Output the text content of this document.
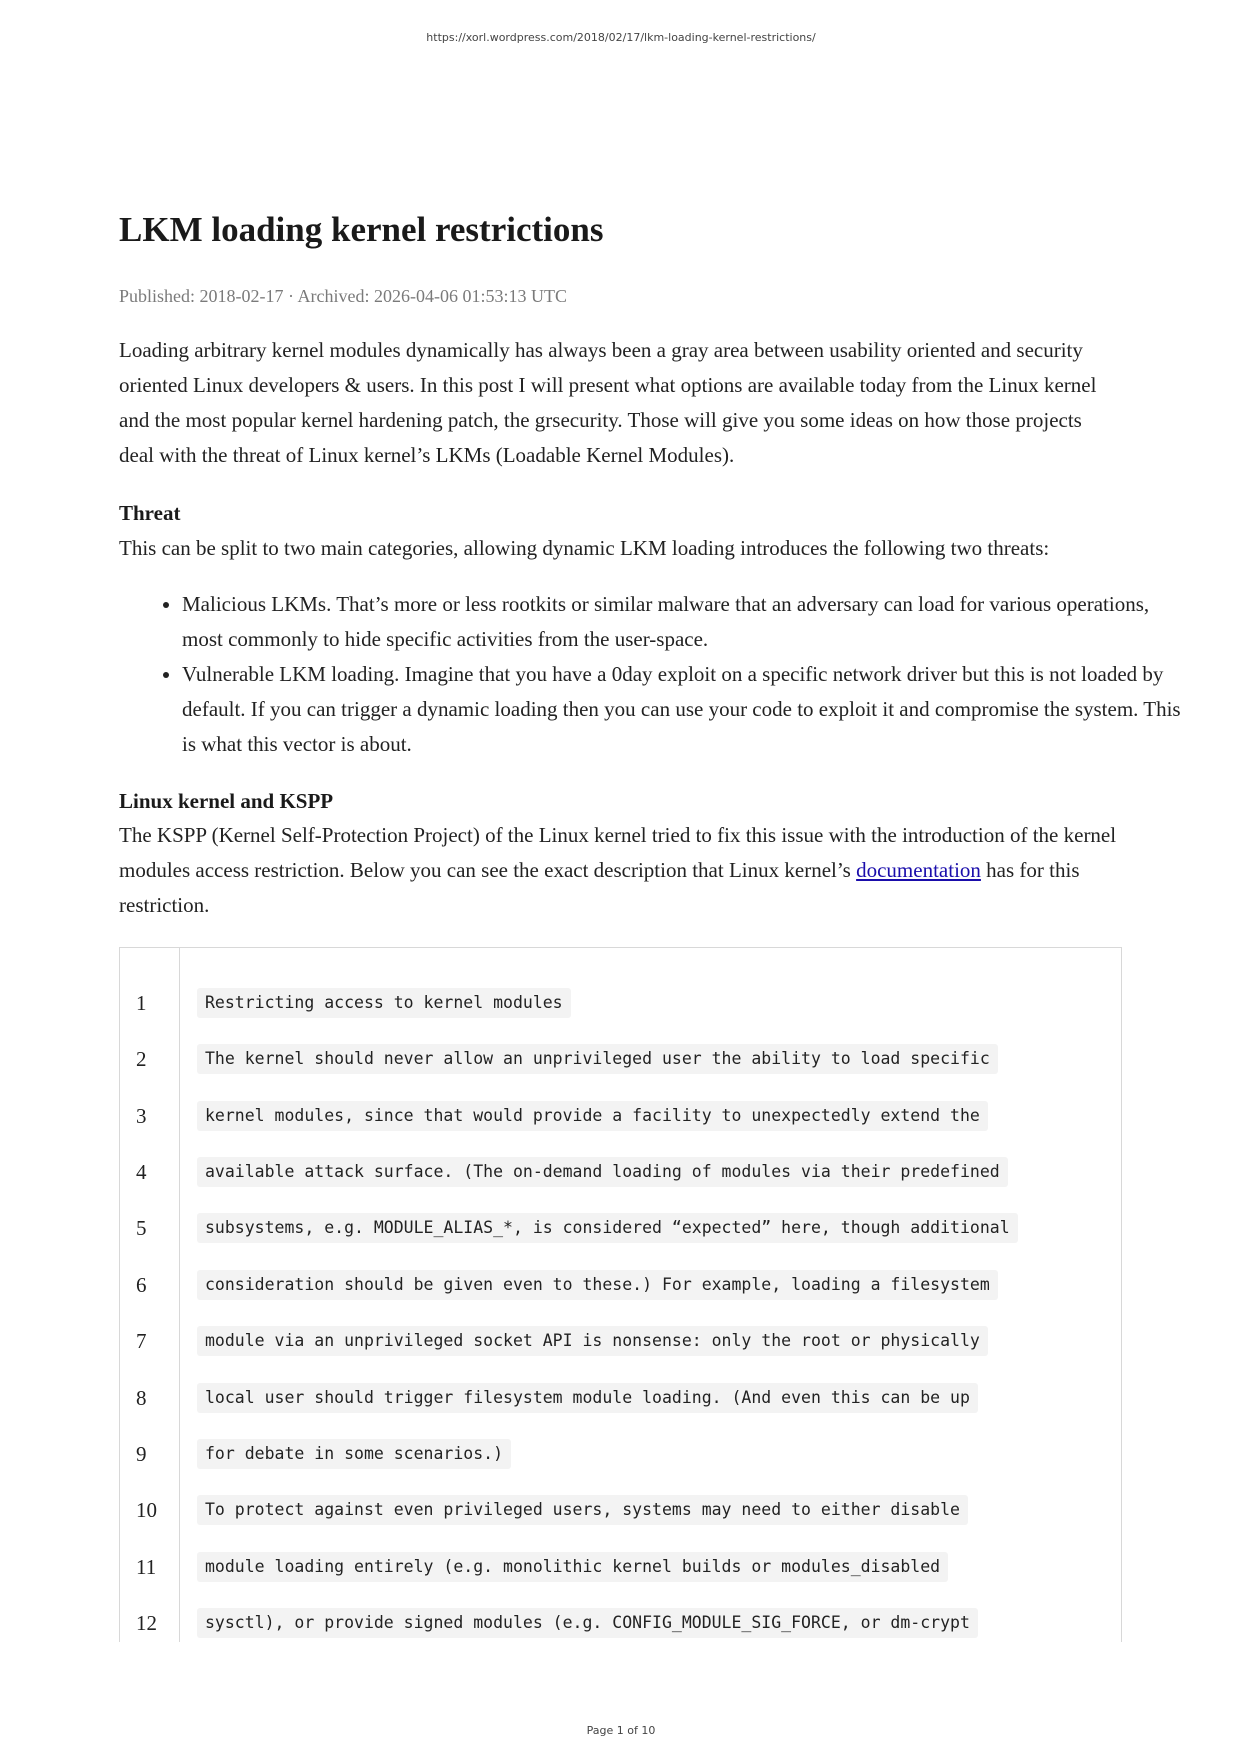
https://xorl.wordpress.com/2018/02/17/lkm-loading-kernel-restrictions/
LKM loading kernel restrictions
Published: 2018-02-17 · Archived: 2026-04-06 01:53:13 UTC

Loading arbitrary kernel modules dynamically has always been a gray area between usability oriented and security oriented Linux developers & users. In this post I will present what options are available today from the Linux kernel and the most popular kernel hardening patch, the grsecurity. Those will give you some ideas on how those projects deal with the threat of Linux kernel’s LKMs (Loadable Kernel Modules).

Threat

This can be split to two main categories, allowing dynamic LKM loading introduces the following two threats:

• Malicious LKMs. That’s more or less rootkits or similar malware that an adversary can load for various operations, most commonly to hide specific activities from the user-space.
• Vulnerable LKM loading. Imagine that you have a 0day exploit on a specific network driver but this is not loaded by default. If you can trigger a dynamic loading then you can use your code to exploit it and compromise the system. This is what this vector is about.
Linux kernel and KSPP

The KSPP (Kernel Self-Protection Project) of the Linux kernel tried to fix this issue with the introduction of the kernel modules access restriction. Below you can see the exact description that Linux kernel’s documentation has for this restriction.

1	Restricting access to kernel modules
2	The kernel should never allow an unprivileged user the ability to load specific
3	kernel modules, since that would provide a facility to unexpectedly extend the
4	available attack surface. (The on-demand loading of modules via their predefined
5	subsystems, e.g. MODULE_ALIAS_*, is considered “expected” here, though additional
6	consideration should be given even to these.) For example, loading a filesystem
7	module via an unprivileged socket API is nonsense: only the root or physically
8	local user should trigger filesystem module loading. (And even this can be up
9	for debate in some scenarios.)
10	To protect against even privileged users, systems may need to either disable
11	module loading entirely (e.g. monolithic kernel builds or modules_disabled
12	sysctl), or provide signed modules (e.g. CONFIG_MODULE_SIG_FORCE, or dm-crypt
Page 1 of 10
